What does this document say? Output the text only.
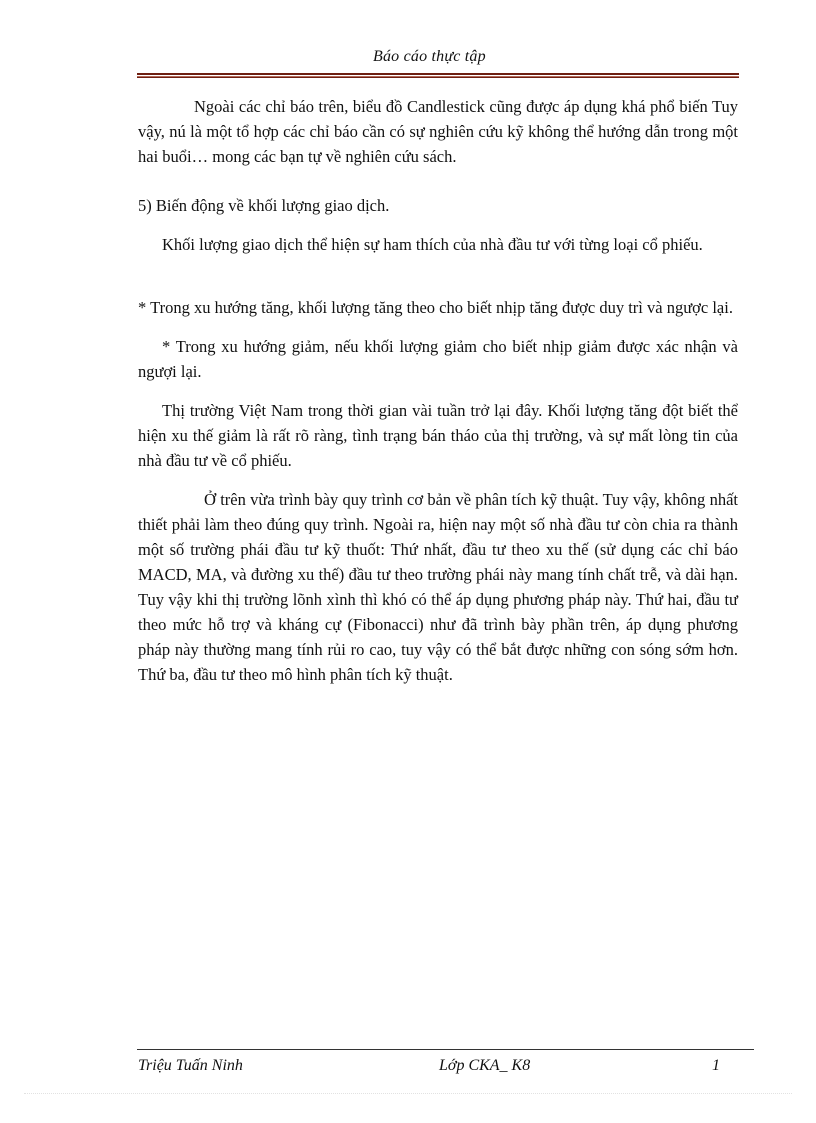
Báo cáo thực tập

Ngoài các chỉ báo trên, biểu đồ Candlestick cũng được áp dụng khá phổ biến Tuy vậy, nú là một tổ hợp các chỉ báo cần có sự nghiên cứu kỹ không thể hướng dẫn trong một hai buổi… mong các bạn tự về nghiên cứu sách.

5) Biến động về khối lượng giao dịch.

Khối lượng giao dịch thể hiện sự ham thích của nhà đầu tư với từng loại cổ phiếu.

* Trong xu hướng tăng, khối lượng tăng theo cho biết nhịp tăng được duy trì và ngược lại.

* Trong xu hướng giảm, nếu khối lượng giảm cho biết nhịp giảm được xác nhận và ngượi lại.

Thị trường Việt Nam trong thời gian vài tuần trở lại đây. Khối lượng tăng đột biết thể hiện xu thế giảm là rất rõ ràng, tình trạng bán tháo của thị trường, và sự mất lòng tin của nhà đầu tư về cổ phiếu.

Ở trên vừa trình bày quy trình cơ bản về phân tích kỹ thuật. Tuy vậy, không nhất thiết phải làm theo đúng quy trình. Ngoài ra, hiện nay một số nhà đầu tư còn chia ra thành một số trường phái đầu tư kỹ thuốt: Thứ nhất, đầu tư theo xu thế (sử dụng các chỉ báo MACD, MA, và đường xu thế) đầu tư theo trường phái này mang tính chất trễ, và dài hạn. Tuy vậy khi thị trường lõnh xình thì khó có thể áp dụng phương pháp này. Thứ hai, đầu tư theo mức hỗ trợ và kháng cự (Fibonacci) như đã trình bày phần trên, áp dụng phương pháp này thường mang tính rủi ro cao, tuy vậy có thể bắt được những con sóng sớm hơn. Thứ ba, đầu tư theo mô hình phân tích kỹ thuật.

Triệu Tuấn Ninh	Lớp CKA_ K8	1
